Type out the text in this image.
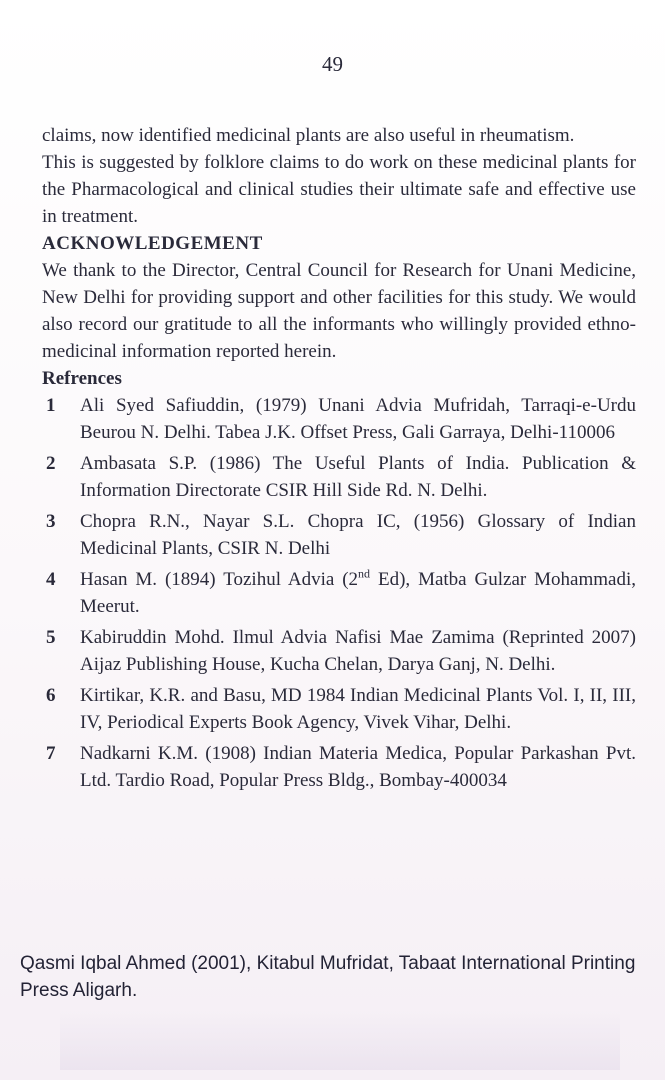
49

claims, now identified medicinal plants are also useful in rheumatism.

This is suggested by folklore claims to do work on these medicinal plants for the Pharmacological and clinical studies their ultimate safe and effective use in treatment.

ACKNOWLEDGEMENT

We thank to the Director, Central Council for Research for Unani Medicine, New Delhi for providing support and other facilities for this study. We would also record our gratitude to all the informants who willingly provided ethno-medicinal information reported herein.

Refrences
1	Ali Syed Safiuddin, (1979) Unani Advia Mufridah, Tarraqi-e-Urdu Beurou N. Delhi. Tabea J.K. Offset Press, Gali Garraya, Delhi-110006
2	Ambasata S.P. (1986) The Useful Plants of India. Publication & Information Directorate CSIR Hill Side Rd. N. Delhi.
3	Chopra R.N., Nayar S.L. Chopra IC, (1956) Glossary of Indian Medicinal Plants, CSIR N. Delhi
4	Hasan M. (1894) Tozihul Advia (2nd Ed), Matba Gulzar Mohammadi, Meerut.
5	Kabiruddin Mohd. Ilmul Advia Nafisi Mae Zamima (Reprinted 2007) Aijaz Publishing House, Kucha Chelan, Darya Ganj, N. Delhi.
6	Kirtikar, K.R. and Basu, MD 1984 Indian Medicinal Plants Vol. I, II, III, IV, Periodical Experts Book Agency, Vivek Vihar, Delhi.
7	Nadkarni K.M. (1908) Indian Materia Medica, Popular Parkashan Pvt. Ltd. Tardio Road, Popular Press Bldg., Bombay-400034
Qasmi Iqbal Ahmed (2001), Kitabul Mufridat, Tabaat International Printing Press Aligarh.
